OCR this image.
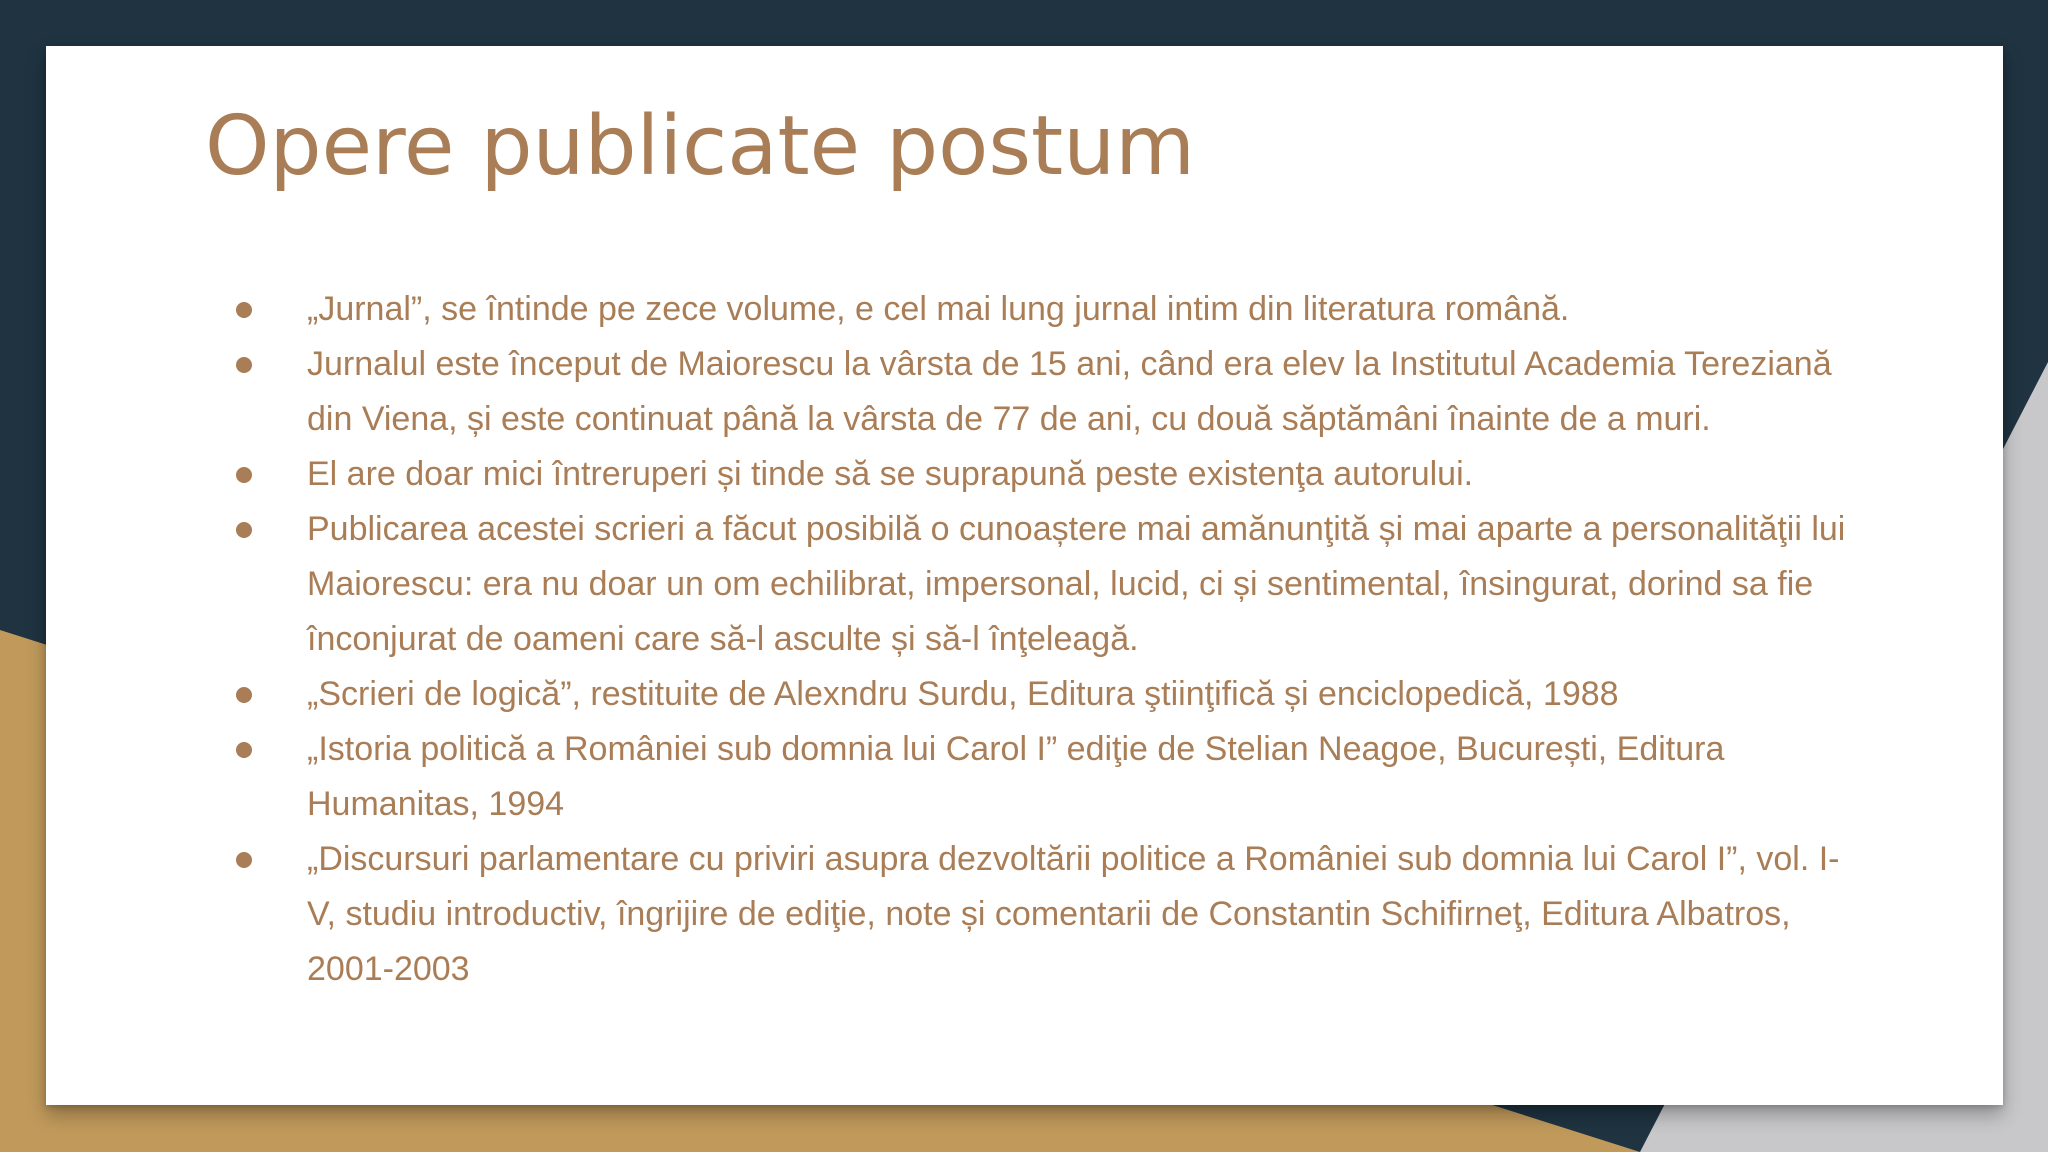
Opere publicate postum
„Jurnal”, se întinde pe zece volume, e cel mai lung jurnal intim din literatura română.
Jurnalul este început de Maiorescu la vârsta de 15 ani, când era elev la Institutul Academia Tereziană din Viena, și este continuat până la vârsta de 77 de ani, cu două săptămâni înainte de a muri.
El are doar mici întreruperi și tinde să se suprapună peste existenţa autorului.
Publicarea acestei scrieri a făcut posibilă o cunoaștere mai amănunţită și mai aparte a personalităţii lui Maiorescu: era nu doar un om echilibrat, impersonal, lucid, ci și sentimental, însingurat, dorind sa fie înconjurat de oameni care să-l asculte și să-l înţeleagă.
„Scrieri de logică”, restituite de Alexndru Surdu, Editura ştiinţifică și enciclopedică, 1988
„Istoria politică a României sub domnia lui Carol I” ediţie de Stelian Neagoe, București, Editura Humanitas, 1994
„Discursuri parlamentare cu priviri asupra dezvoltării politice a României sub domnia lui Carol I”, vol. I-V, studiu introductiv, îngrijire de ediţie, note și comentarii de Constantin Schifirneţ, Editura Albatros, 2001-2003
